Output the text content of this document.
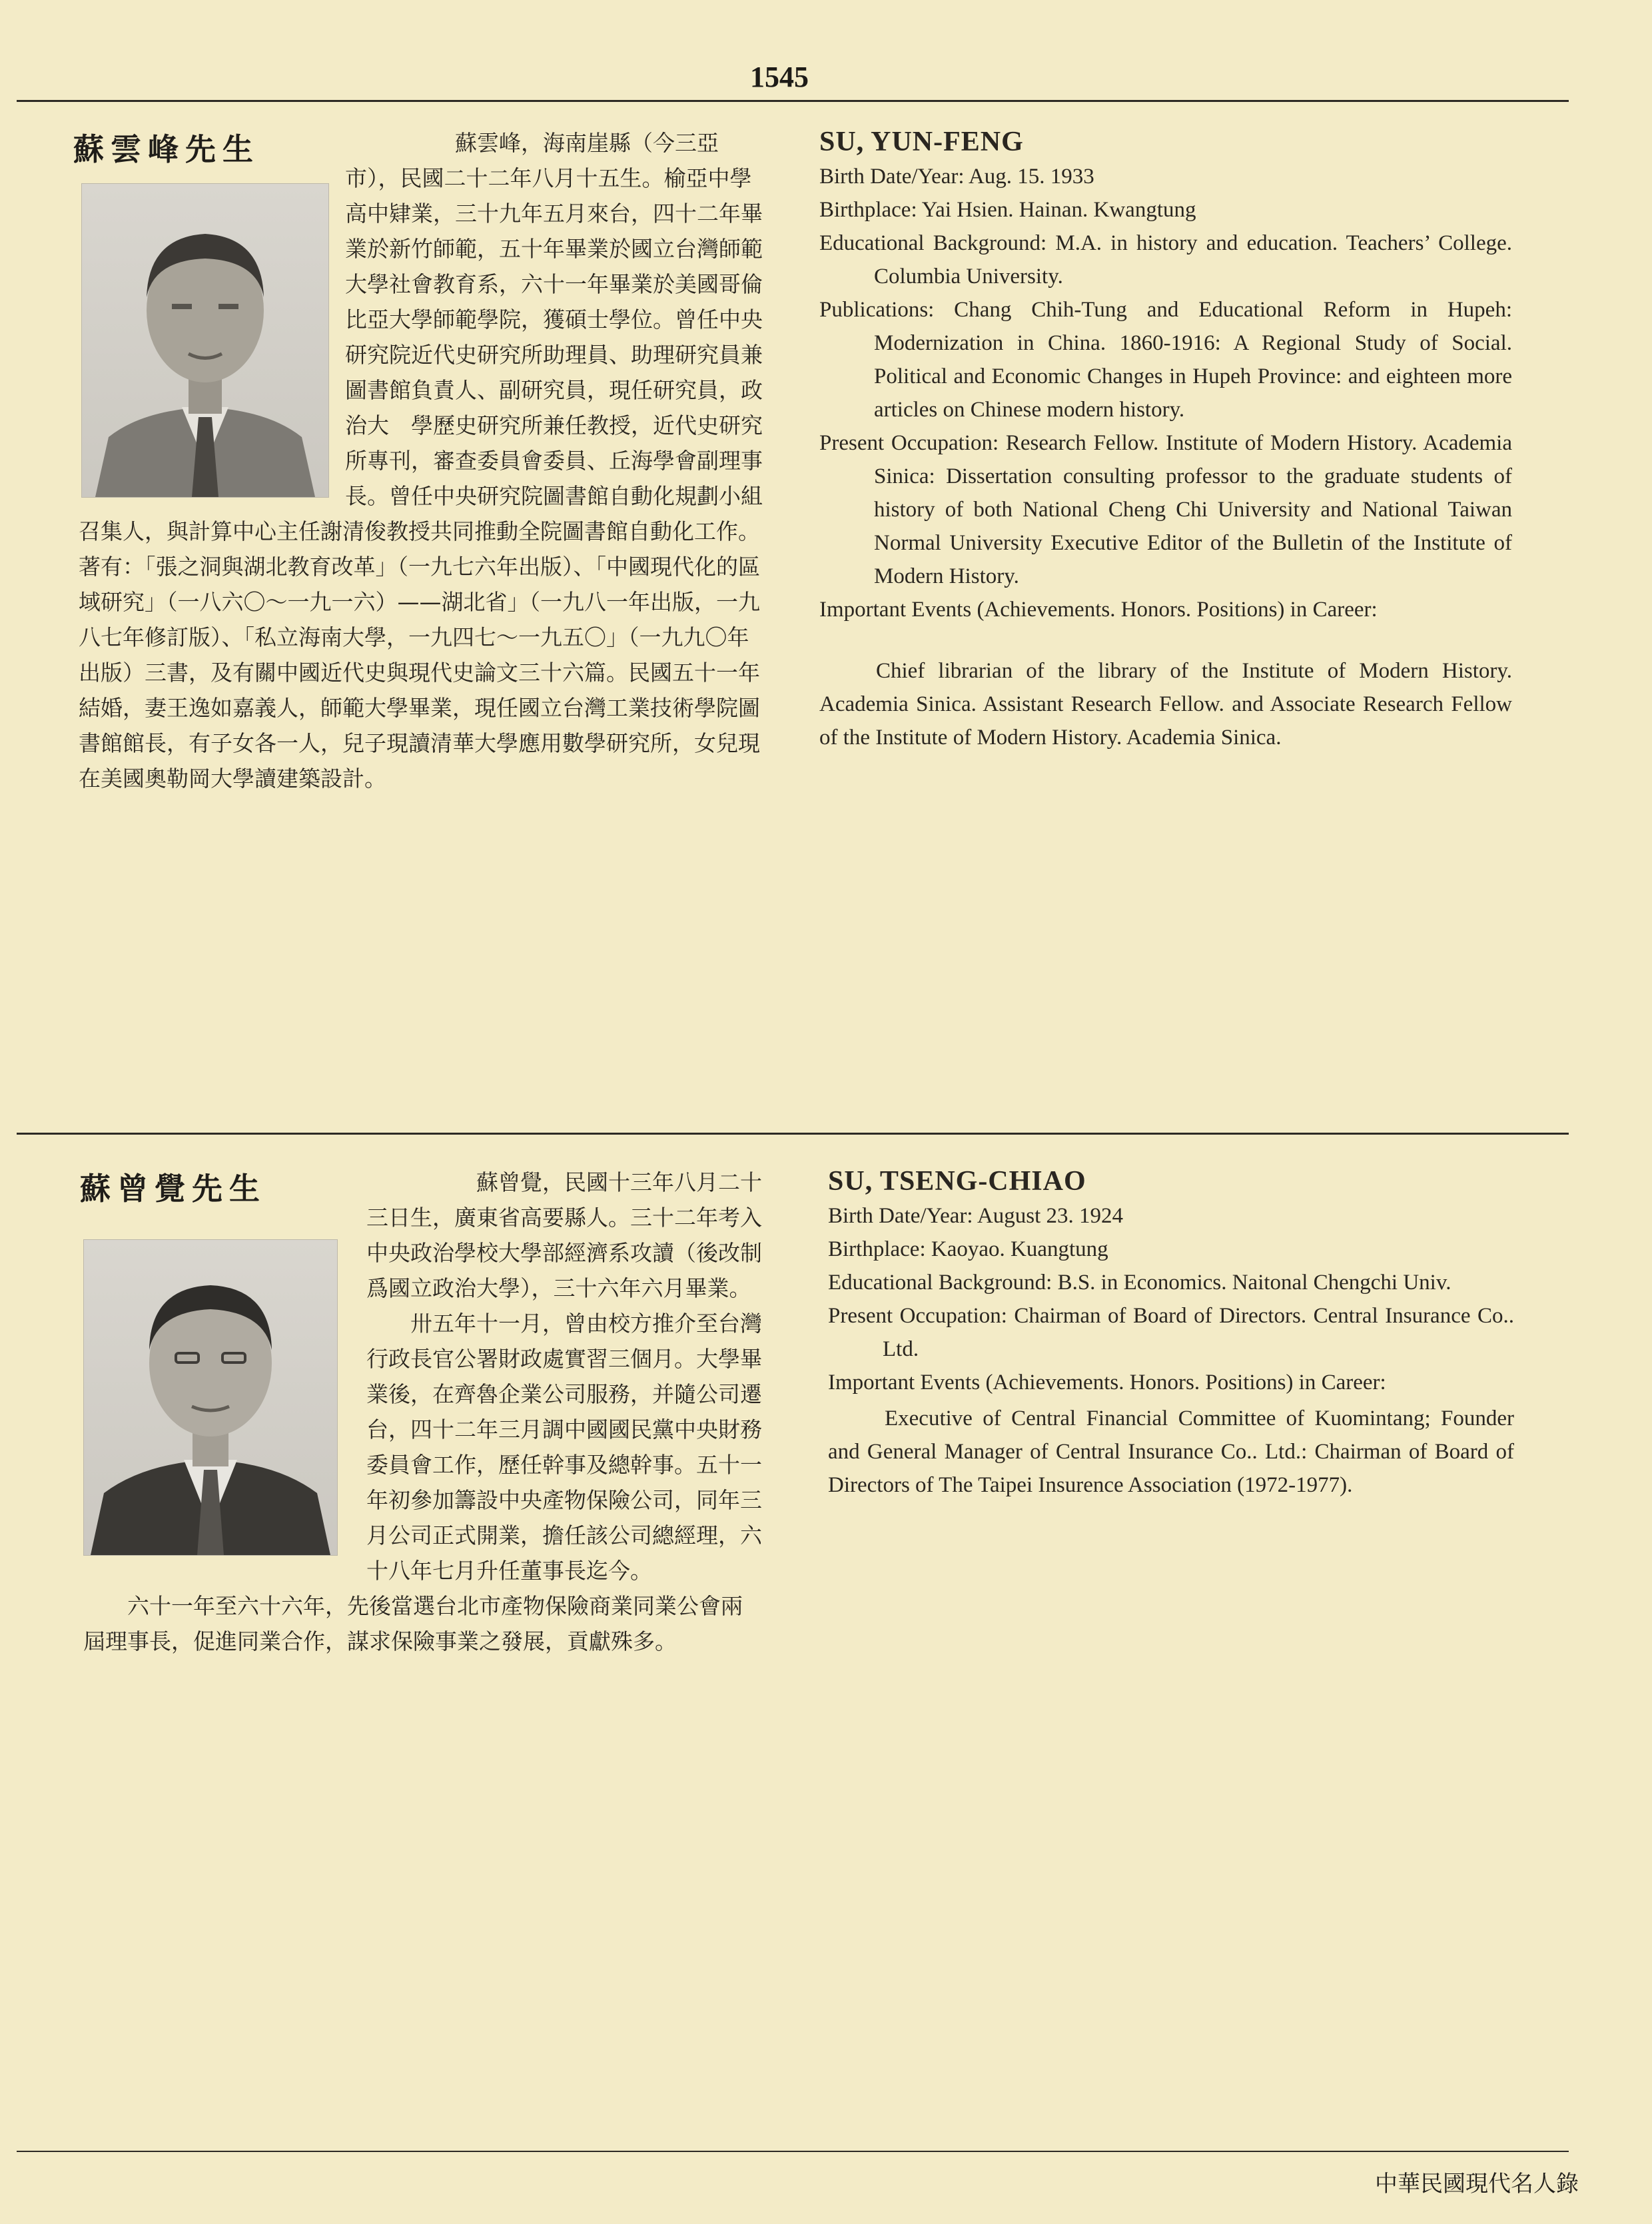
1545
蘇雲峰先生	蘇雲峰，海南崖縣（今三亞市），民國二十二年八月十五生。榆亞中學高中肄業，三十九年五月來台，四十二年畢業於新竹師範，五十年畢業於國立台灣師範大學社會教育系，六十一年畢業於美國哥倫比亞大學師範學院，獲碩士學位。曾任中央研究院近代史研究所助理員、助理研究員兼圖書館負責人、副研究員，現任研究員，政治大　學歷史研究所兼任教授，近代史研究所專刊，審查委員會委員、丘海學會副理事長。曾任中央研究院圖書館自動化規劃小組召集人，與計算中心主任謝清俊教授共同推動全院圖書館自動化工作。著有：「張之洞與湖北教育改革」（一九七六年出版）、「中國現代化的區域研究」（一八六〇～一九一六）——湖北省」（一九八一年出版，一九八七年修訂版）、「私立海南大學，一九四七～一九五〇」（一九九〇年出版）三書，及有關中國近代史與現代史論文三十六篇。民國五十一年結婚，妻王逸如嘉義人，師範大學畢業，現任國立台灣工業技術學院圖書館館長，有子女各一人，兒子現讀清華大學應用數學研究所，女兒現在美國奧勒岡大學讀建築設計。

SU, YUN-FENG
Birth Date/Year: Aug. 15. 1933
Birthplace: Yai Hsien. Hainan. Kwangtung
Educational Background: M.A. in history and education. Teachers’ College. Columbia University.
Publications: Chang Chih-Tung and Educational Reform in Hupeh: Modernization in China. 1860-1916: A Regional Study of Social. Political and Economic Changes in Hupeh Province: and eighteen more articles on Chinese modern history.
Present Occupation: Research Fellow. Institute of Modern History. Academia Sinica: Dissertation consulting professor to the graduate students of history of both National Cheng Chi University and National Taiwan Normal University Executive Editor of the Bulletin of the Institute of Modern History.
Important Events (Achievements. Honors. Positions) in Career:
Chief librarian of the library of the Institute of Modern History. Academia Sinica. Assistant Research Fellow. and Associate Research Fellow of the Institute of Modern History. Academia Sinica.
蘇曾覺先生	蘇曾覺，民國十三年八月二十三日生，廣東省高要縣人。三十二年考入中央政治學校大學部經濟系攻讀（後改制爲國立政治大學），三十六年六月畢業。

卅五年十一月，曾由校方推介至台灣行政長官公署財政處實習三個月。大學畢業後，在齊魯企業公司服務，并隨公司遷台，四十二年三月調中國國民黨中央財務委員會工作，歷任幹事及總幹事。五十一年初參加籌設中央產物保險公司，同年三月公司正式開業，擔任該公司總經理，六十八年七月升任董事長迄今。

六十一年至六十六年，先後當選台北市產物保險商業同業公會兩屆理事長，促進同業合作，謀求保險事業之發展，貢獻殊多。

SU, TSENG-CHIAO
Birth Date/Year: August 23. 1924
Birthplace: Kaoyao. Kuangtung
Educational Background: B.S. in Economics. Naitonal Chengchi Univ.
Present Occupation: Chairman of Board of Directors. Central Insurance Co.. Ltd.
Important Events (Achievements. Honors. Positions) in Career:
Executive of Central Financial Committee of Kuomintang; Founder and General Manager of Central Insurance Co.. Ltd.: Chairman of Board of Directors of The Taipei Insurence Association (1972-1977).
中華民國現代名人錄
